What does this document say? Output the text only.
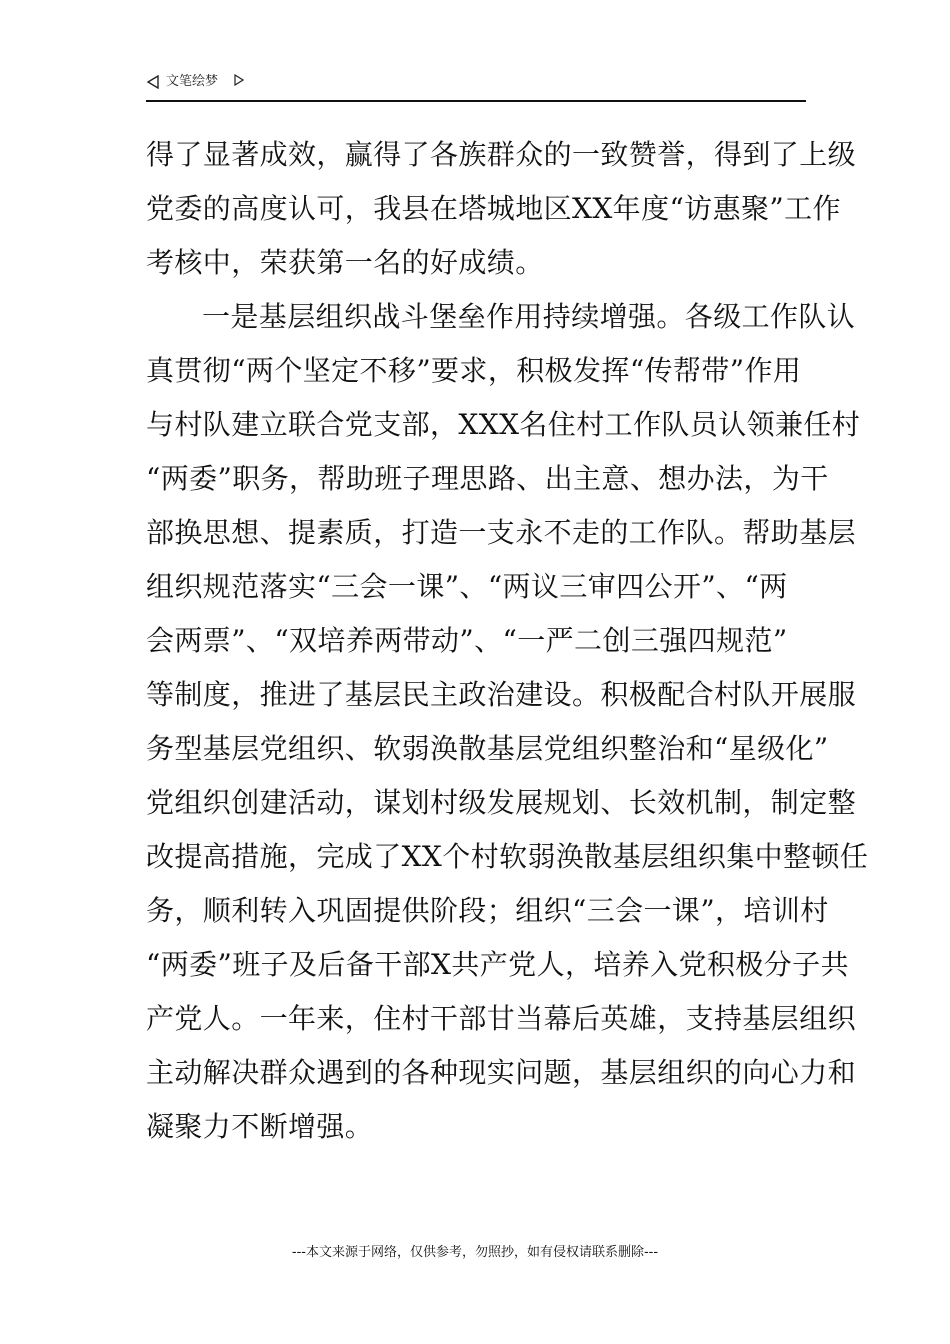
文笔绘梦
得了显著成效，赢得了各族群众的一致赞誉，得到了上级
党委的高度认可，我县在塔城地区XX年度“访惠聚”工作
考核中，荣获第一名的好成绩。
一是基层组织战斗堡垒作用持续增强。各级工作队认
真贯彻“两个坚定不移”要求，积极发挥“传帮带”作用
与村队建立联合党支部，XXX名住村工作队员认领兼任村
“两委”职务，帮助班子理思路、出主意、想办法，为干
部换思想、提素质，打造一支永不走的工作队。帮助基层
组织规范落实“三会一课”、“两议三审四公开”、“两
会两票”、“双培养两带动”、“一严二创三强四规范”
等制度，推进了基层民主政治建设。积极配合村队开展服
务型基层党组织、软弱涣散基层党组织整治和“星级化”
党组织创建活动，谋划村级发展规划、长效机制，制定整
改提高措施，完成了XX个村软弱涣散基层组织集中整顿任
务，顺利转入巩固提供阶段；组织“三会一课”，培训村
“两委”班子及后备干部X共产党人，培养入党积极分子共
产党人。一年来，住村干部甘当幕后英雄，支持基层组织
主动解决群众遇到的各种现实问题，基层组织的向心力和
凝聚力不断增强。
---本文来源于网络，仅供参考，勿照抄，如有侵权请联系删除---
